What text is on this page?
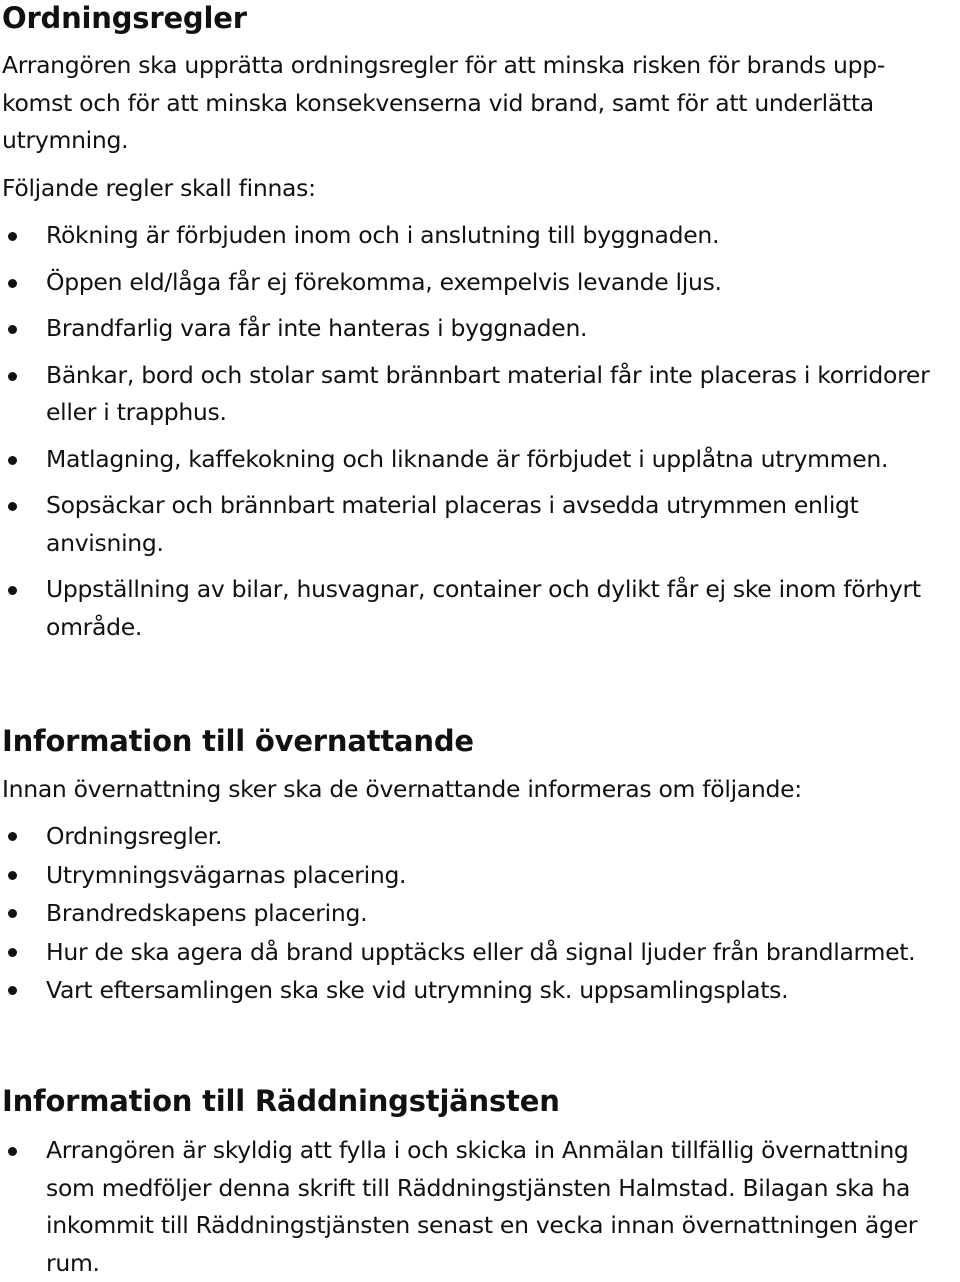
Ordningsregler

Arrangören ska upprätta ordningsregler för att minska risken för brands upp-
komst och för att minska konsekvenserna vid brand, samt för att underlätta
utrymning.

Följande regler skall finnas:

Rökning är förbjuden inom och i anslutning till byggnaden.
Öppen eld/låga får ej förekomma, exempelvis levande ljus.
Brandfarlig vara får inte hanteras i byggnaden.
Bänkar, bord och stolar samt brännbart material får inte placeras i korridorer eller i trapphus.
Matlagning, kaffekokning och liknande är förbjudet i upplåtna utrymmen.
Sopsäckar och brännbart material placeras i avsedda utrymmen enligt anvisning.
Uppställning av bilar, husvagnar, container och dylikt får ej ske inom förhyrt område.
Information till övernattande

Innan övernattning sker ska de övernattande informeras om följande:

Ordningsregler.
Utrymningsvägarnas placering.
Brandredskapens placering.
Hur de ska agera då brand upptäcks eller då signal ljuder från brandlarmet.
Vart eftersamlingen ska ske vid utrymning sk. uppsamlingsplats.
Information till Räddningstjänsten
Arrangören är skyldig att fylla i och skicka in Anmälan tillfällig övernattning som medföljer denna skrift till Räddningstjänsten Halmstad. Bilagan ska ha inkommit till Räddningstjänsten senast en vecka innan övernattningen äger rum.
